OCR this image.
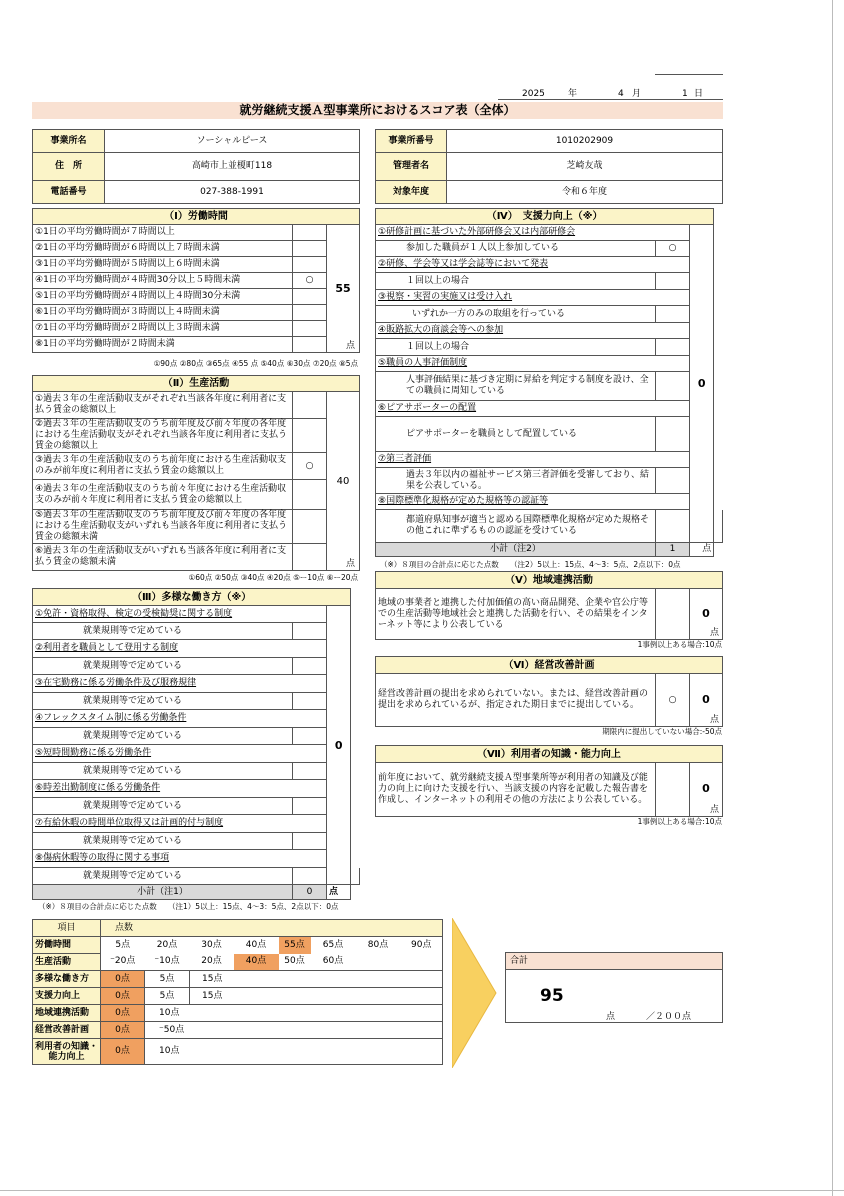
2025	年	4 月	1 日
就労継続支援Ａ型事業所におけるスコア表（全体）
事業所名	ソーシャルピース
住　所	高崎市上並榎町118
電話番号	027-388-1991
事業所番号	1010202909
管理者名	芝崎友哉
対象年度	令和６年度
（Ⅰ）労働時間		
①1日の平均労働時間が７時間以上		55
点

②1日の平均労働時間が６時間以上７時間未満		
③1日の平均労働時間が５時間以上６時間未満		
④1日の平均労働時間が４時間30分以上５時間未満	○	
⑤1日の平均労働時間が４時間以上４時間30分未満		
⑥1日の平均労働時間が３時間以上４時間未満		
⑦1日の平均労働時間が２時間以上３時間未満		
⑧1日の平均労働時間が２時間未満		
①90点 ②80点 ③65点 ④55 点 ⑤40点 ⑥30点 ⑦20点 ⑧5点
（Ⅱ）生産活動		
①過去３年の生産活動収支がそれぞれ当該各年度に利用者に支払う賃金の総額以上		40
点

②過去３年の生産活動収支のうち前年度及び前々年度の各年度における生産活動収支がそれぞれ当該各年度に利用者に支払う賃金の総額以上		
③過去３年の生産活動収支のうち前年度における生産活動収支のみが前年度に利用者に支払う賃金の総額以上	○	
④過去３年の生産活動収支のうち前々年度における生産活動収支のみが前々年度に利用者に支払う賃金の総額以上		
⑤過去３年の生産活動収支のうち前年度及び前々年度の各年度における生産活動収支がいずれも当該各年度に利用者に支払う賃金の総額未満		
⑥過去３年の生産活動収支がいずれも当該各年度に利用者に支払う賃金の総額未満		
①60点 ②50点 ③40点 ④20点 ⑤ー10点 ⑥ー20点
（Ⅲ）多様な働き方（※）			
①免許・資格取得、検定の受検勧奨に関する制度		0	
就業規則等で定めている			
②利用者を職員として登用する制度			
就業規則等で定めている			
③在宅勤務に係る労働条件及び服務規律			
就業規則等で定めている			
④フレックスタイム制に係る労働条件			
就業規則等で定めている			
⑤短時間勤務に係る労働条件			
就業規則等で定めている			
⑥時差出勤制度に係る労働条件			
就業規則等で定めている			
⑦有給休暇の時間単位取得又は計画的付与制度			
就業規則等で定めている			
⑧傷病休暇等の取得に関する事項			
就業規則等で定めている			
小計（注1）	0	点	
（※）８項目の合計点に応じた点数　　（注1）5以上：15点、4～3：5点、2点以下：0点
（Ⅳ）　支援力向上（※）			
①研修計画に基づいた外部研修会又は内部研修会		0	
参加した職員が１人以上参加している	○		
②研修、学会等又は学会誌等において発表			
１回以上の場合			
③視察・実習の実施又は受け入れ			
いずれか一方のみの取組を行っている			
④販路拡大の商談会等への参加			
１回以上の場合			
⑤職員の人事評価制度			
人事評価結果に基づき定期に昇給を判定する制度を設け、全ての職員に周知している			
⑥ピアサポーターの配置			
ピアサポーターを職員として配置している			
⑦第三者評価			
過去３年以内の福祉サービス第三者評価を受審しており、結果を公表している。			
⑧国際標準化規格が定めた規格等の認証等			
都道府県知事が適当と認める国際標準化規格が定めた規格その他これに準ずるものの認証を受けている			
小計（注2）	1	点	
（※）８項目の合計点に応じた点数　　（注2）5以上：15点、4～3：5点、2点以下：0点
（Ⅴ）地域連携活動
地域の事業者と連携した付加価値の高い商品開発、企業や官公庁等での生産活動等地域社会と連携した活動を行い、その結果をインターネット等により公表している		0
点
1事例以上ある場合:10点
（Ⅵ）経営改善計画
経営改善計画の提出を求められていない。または、経営改善計画の提出を求められているが、指定された期日までに提出している。	○	0
点
期限内に提出していない場合:-50点
（Ⅶ）利用者の知識・能力向上
前年度において、就労継続支援Ａ型事業所等が利用者の知識及び能力の向上に向けた支援を行い、当該支援の内容を記載した報告書を作成し、インターネットの利用その他の方法により公表している。		0
点
1事例以上ある場合:10点
項目	点数							
労働時間	5点	20点	30点	40点	55点	65点	80点	90点
生産活動	⁻20点	⁻10点	20点	40点	50点	60点		
多様な働き方	0点	5点	15点					
支援力向上	0点	5点	15点					
地域連携活動	0点	10点						
経営改善計画	0点	⁻50点						
利用者の知識・能力向上	0点	10点						
合計
95
点	／２００点
